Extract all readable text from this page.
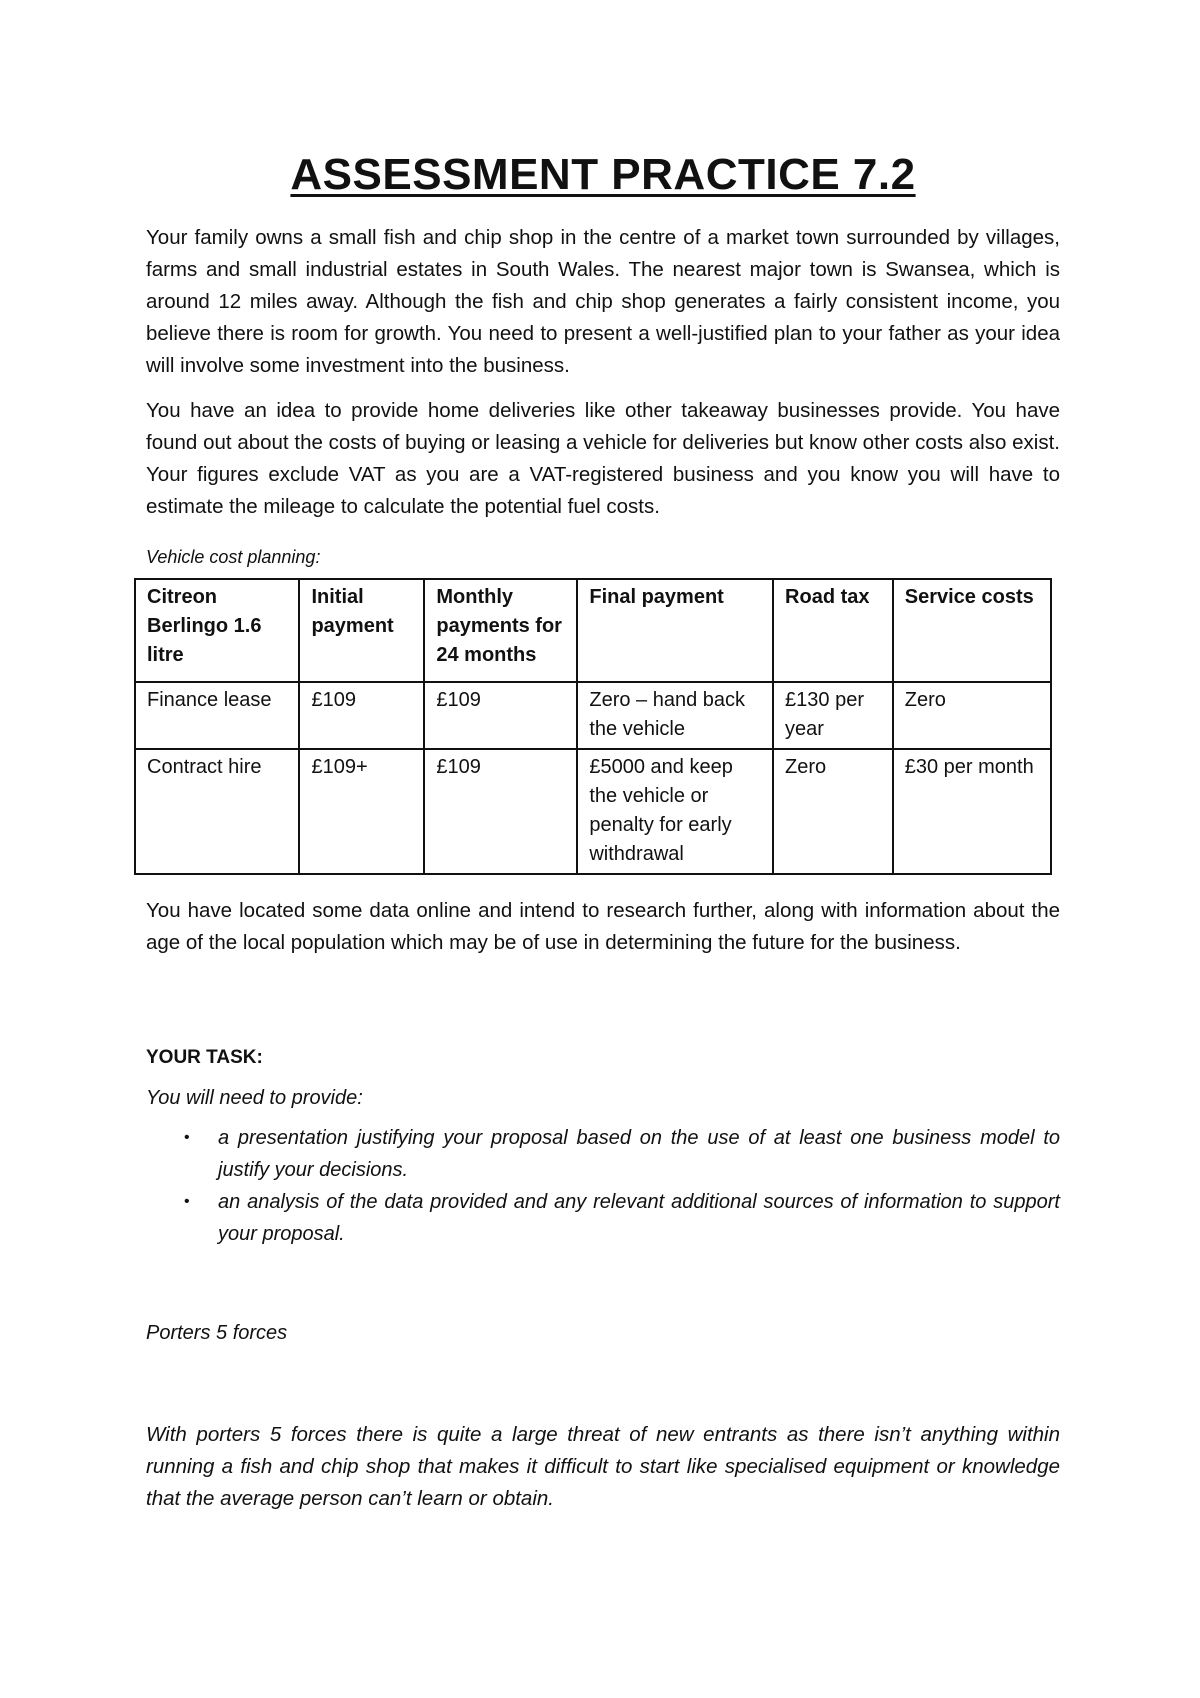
ASSESSMENT PRACTICE 7.2

Your family owns a small fish and chip shop in the centre of a market town surrounded by villages, farms and small industrial estates in South Wales. The nearest major town is Swansea, which is around 12 miles away. Although the fish and chip shop generates a fairly consistent income, you believe there is room for growth. You need to present a well-justified plan to your father as your idea will involve some investment into the business.

You have an idea to provide home deliveries like other takeaway businesses provide. You have found out about the costs of buying or leasing a vehicle for deliveries but know other costs also exist. Your figures exclude VAT as you are a VAT-registered business and you know you will have to estimate the mileage to calculate the potential fuel costs.

Vehicle cost planning:
Citreon Berlingo 1.6 litre	Initial payment	Monthly payments for 24 months	Final payment	Road tax	Service costs
Finance lease	£109	£109	Zero – hand back the vehicle	£130 per year	Zero
Contract hire	£109+	£109	£5000 and keep the vehicle or penalty for early withdrawal	Zero	£30 per month

You have located some data online and intend to research further, along with information about the age of the local population which may be of use in determining the future for the business.

YOUR TASK:
You will need to provide:
• a presentation justifying your proposal based on the use of at least one business model to justify your decisions.
• an analysis of the data provided and any relevant additional sources of information to support your proposal.
Porters 5 forces

With porters 5 forces there is quite a large threat of new entrants as there isn’t anything within running a fish and chip shop that makes it difficult to start like specialised equipment or knowledge that the average person can’t learn or obtain.
